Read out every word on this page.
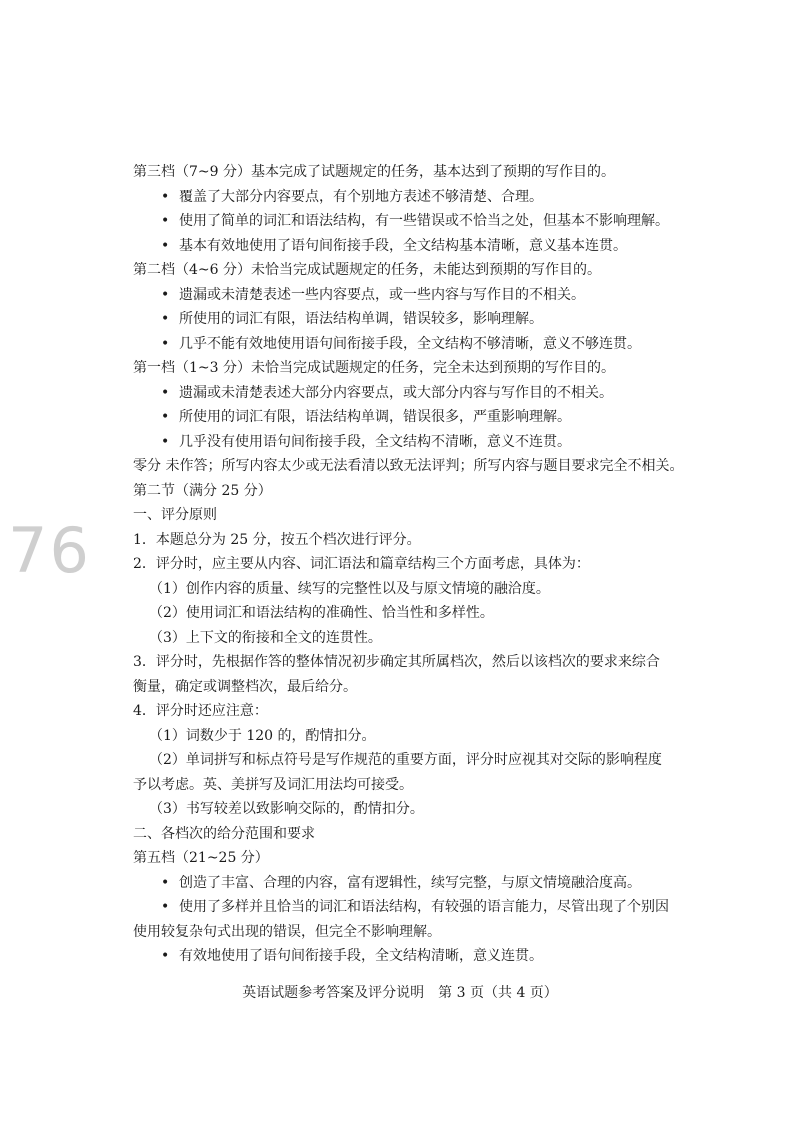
76
第三档（7~9 分）基本完成了试题规定的任务，基本达到了预期的写作目的。
• 覆盖了大部分内容要点，有个别地方表述不够清楚、合理。
• 使用了简单的词汇和语法结构，有一些错误或不恰当之处，但基本不影响理解。
• 基本有效地使用了语句间衔接手段，全文结构基本清晰，意义基本连贯。
第二档（4~6 分）未恰当完成试题规定的任务，未能达到预期的写作目的。
• 遗漏或未清楚表述一些内容要点，或一些内容与写作目的不相关。
• 所使用的词汇有限，语法结构单调，错误较多，影响理解。
• 几乎不能有效地使用语句间衔接手段，全文结构不够清晰，意义不够连贯。
第一档（1~3 分）未恰当完成试题规定的任务，完全未达到预期的写作目的。
• 遗漏或未清楚表述大部分内容要点，或大部分内容与写作目的不相关。
• 所使用的词汇有限，语法结构单调，错误很多，严重影响理解。
• 几乎没有使用语句间衔接手段，全文结构不清晰，意义不连贯。
零分 未作答；所写内容太少或无法看清以致无法评判；所写内容与题目要求完全不相关。
第二节（满分 25 分）
一、评分原则
1．本题总分为 25 分，按五个档次进行评分。
2．评分时，应主要从内容、词汇语法和篇章结构三个方面考虑，具体为：
（1）创作内容的质量、续写的完整性以及与原文情境的融洽度。
（2）使用词汇和语法结构的准确性、恰当性和多样性。
（3）上下文的衔接和全文的连贯性。
3．评分时，先根据作答的整体情况初步确定其所属档次，然后以该档次的要求来综合
衡量，确定或调整档次，最后给分。
4．评分时还应注意：
（1）词数少于 120 的，酌情扣分。
（2）单词拼写和标点符号是写作规范的重要方面，评分时应视其对交际的影响程度
予以考虑。英、美拼写及词汇用法均可接受。
（3）书写较差以致影响交际的，酌情扣分。
二、各档次的给分范围和要求
第五档（21~25 分）
• 创造了丰富、合理的内容，富有逻辑性，续写完整，与原文情境融洽度高。
• 使用了多样并且恰当的词汇和语法结构，有较强的语言能力，尽管出现了个别因
使用较复杂句式出现的错误，但完全不影响理解。
• 有效地使用了语句间衔接手段，全文结构清晰，意义连贯。
英语试题参考答案及评分说明　第 3 页（共 4 页）
